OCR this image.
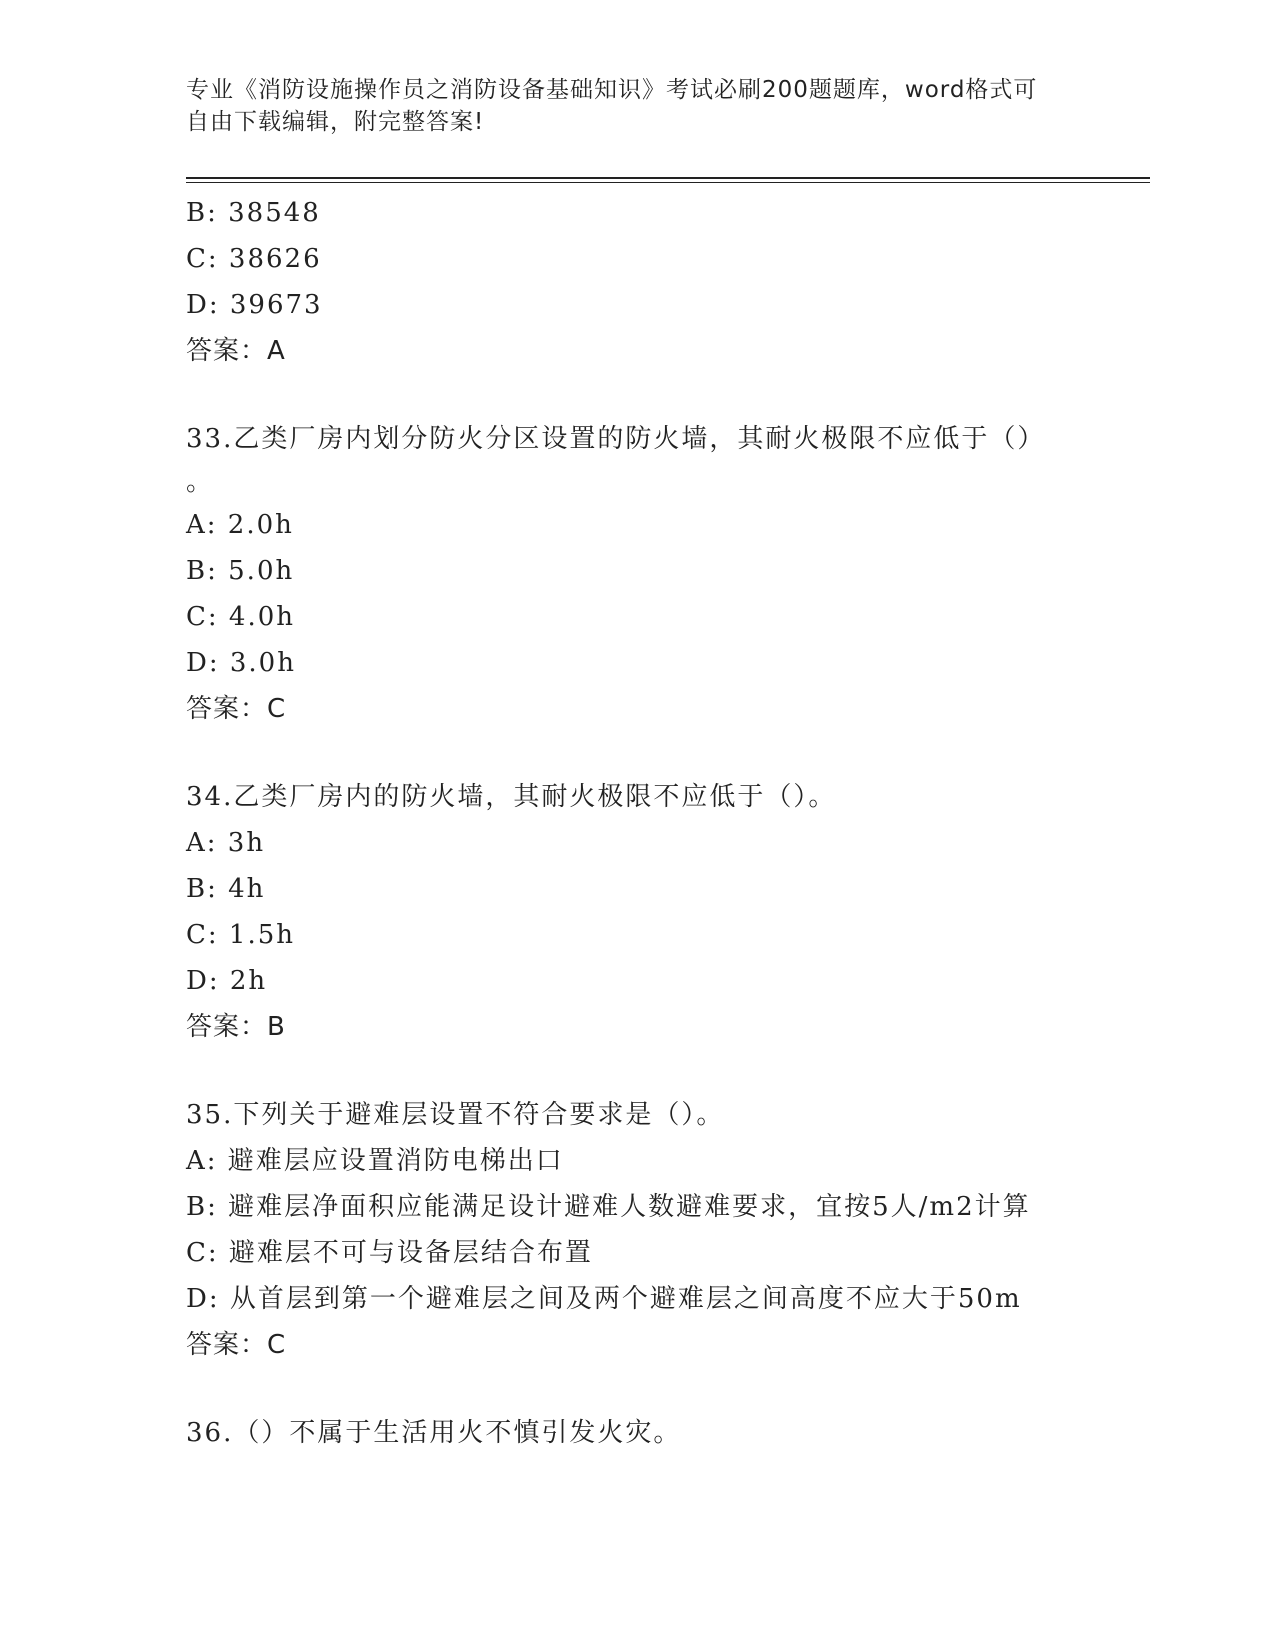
专业《消防设施操作员之消防设备基础知识》考试必刷200题题库，word格式可
自由下载编辑，附完整答案!
B: 38548
C: 38626
D: 39673
答案：A
33.乙类厂房内划分防火分区设置的防火墙，其耐火极限不应低于（）
。
A: 2.0h
B: 5.0h
C: 4.0h
D: 3.0h
答案：C
34.乙类厂房内的防火墙，其耐火极限不应低于（）。
A: 3h
B: 4h
C: 1.5h
D: 2h
答案：B
35.下列关于避难层设置不符合要求是（）。
A: 避难层应设置消防电梯出口
B: 避难层净面积应能满足设计避难人数避难要求，宜按5人/m2计算
C: 避难层不可与设备层结合布置
D: 从首层到第一个避难层之间及两个避难层之间高度不应大于50m
答案：C
36.（）不属于生活用火不慎引发火灾。
